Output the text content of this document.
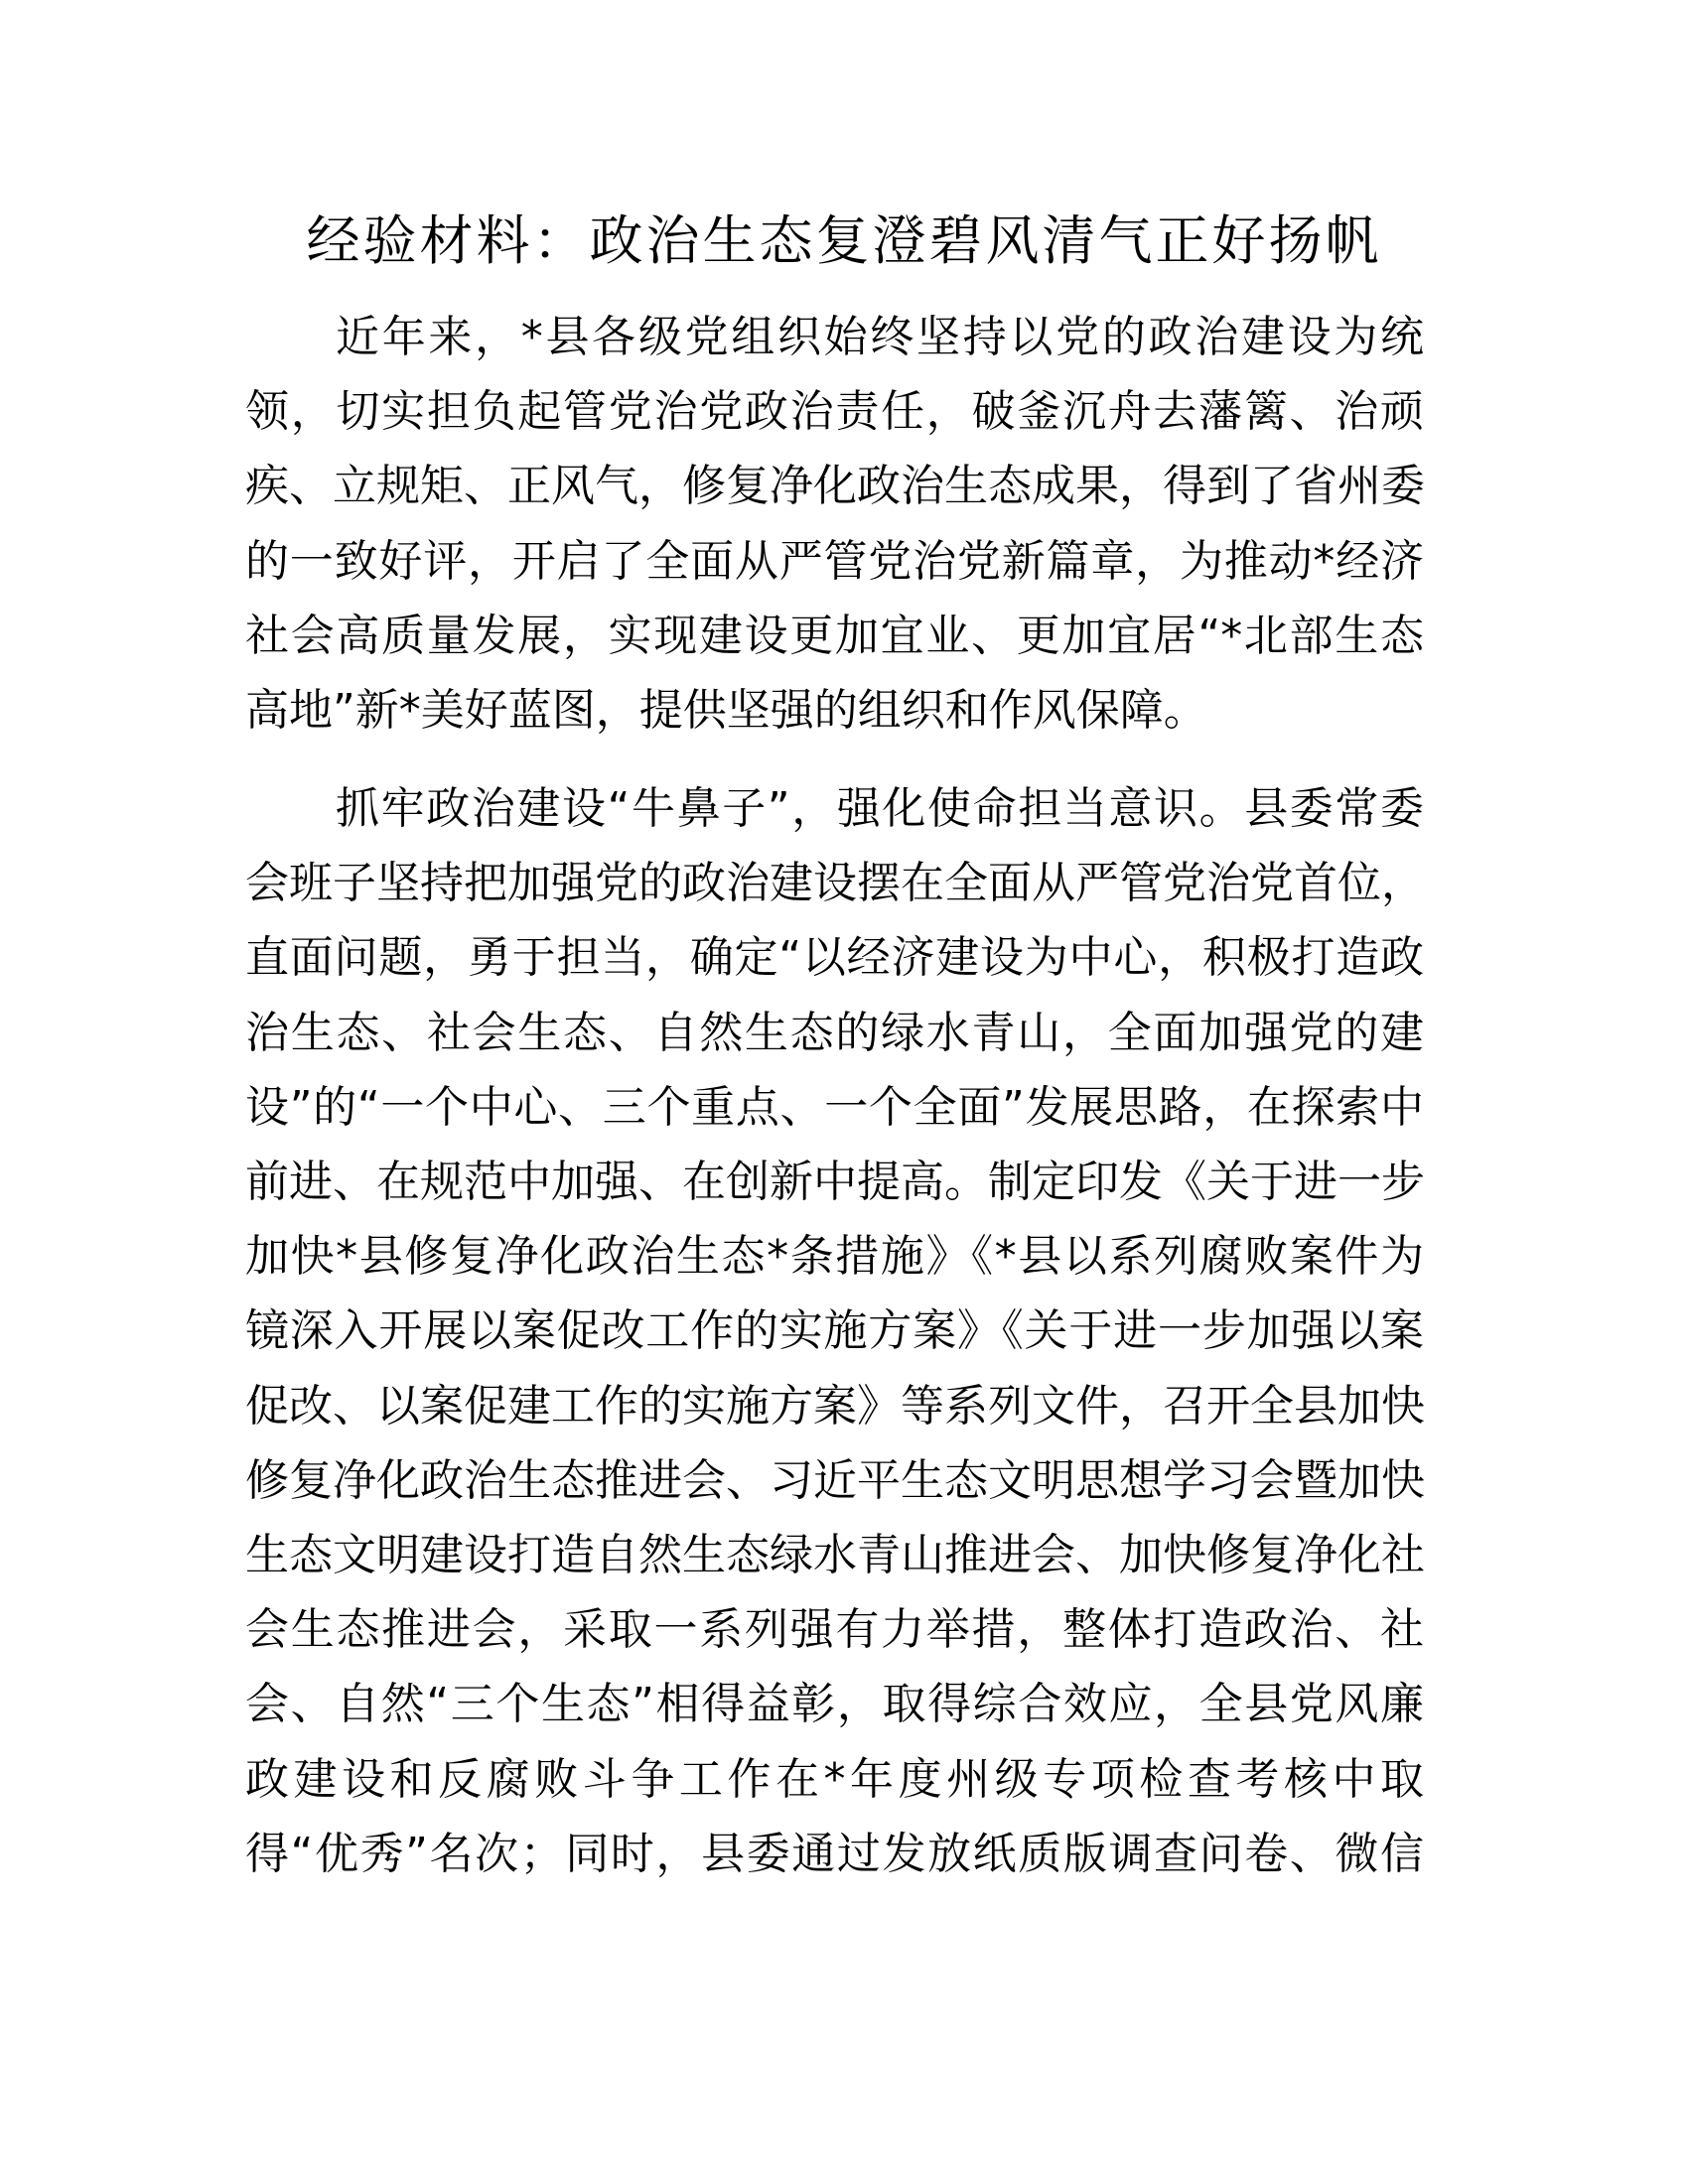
经验材料：政治生态复澄碧风清气正好扬帆
近年来，*县各级党组织始终坚持以党的政治建设为统
领，切实担负起管党治党政治责任，破釜沉舟去藩篱、治顽
疾、立规矩、正风气，修复净化政治生态成果，得到了省州委
的一致好评，开启了全面从严管党治党新篇章，为推动*经济
社会高质量发展，实现建设更加宜业、更加宜居“*北部生态
高地”新*美好蓝图，提供坚强的组织和作风保障。
抓牢政治建设“牛鼻子”，强化使命担当意识。县委常委
会班子坚持把加强党的政治建设摆在全面从严管党治党首位，
直面问题，勇于担当，确定“以经济建设为中心，积极打造政
治生态、社会生态、自然生态的绿水青山，全面加强党的建
设”的“一个中心、三个重点、一个全面”发展思路，在探索中
前进、在规范中加强、在创新中提高。制定印发《关于进一步
加快*县修复净化政治生态*条措施》《*县以系列腐败案件为
镜深入开展以案促改工作的实施方案》《关于进一步加强以案
促改、以案促建工作的实施方案》等系列文件，召开全县加快
修复净化政治生态推进会、习近平生态文明思想学习会暨加快
生态文明建设打造自然生态绿水青山推进会、加快修复净化社
会生态推进会，采取一系列强有力举措，整体打造政治、社
会、自然“三个生态”相得益彰，取得综合效应，全县党风廉
政建设和反腐败斗争工作在*年度州级专项检查考核中取
得“优秀”名次；同时，县委通过发放纸质版调查问卷、微信
